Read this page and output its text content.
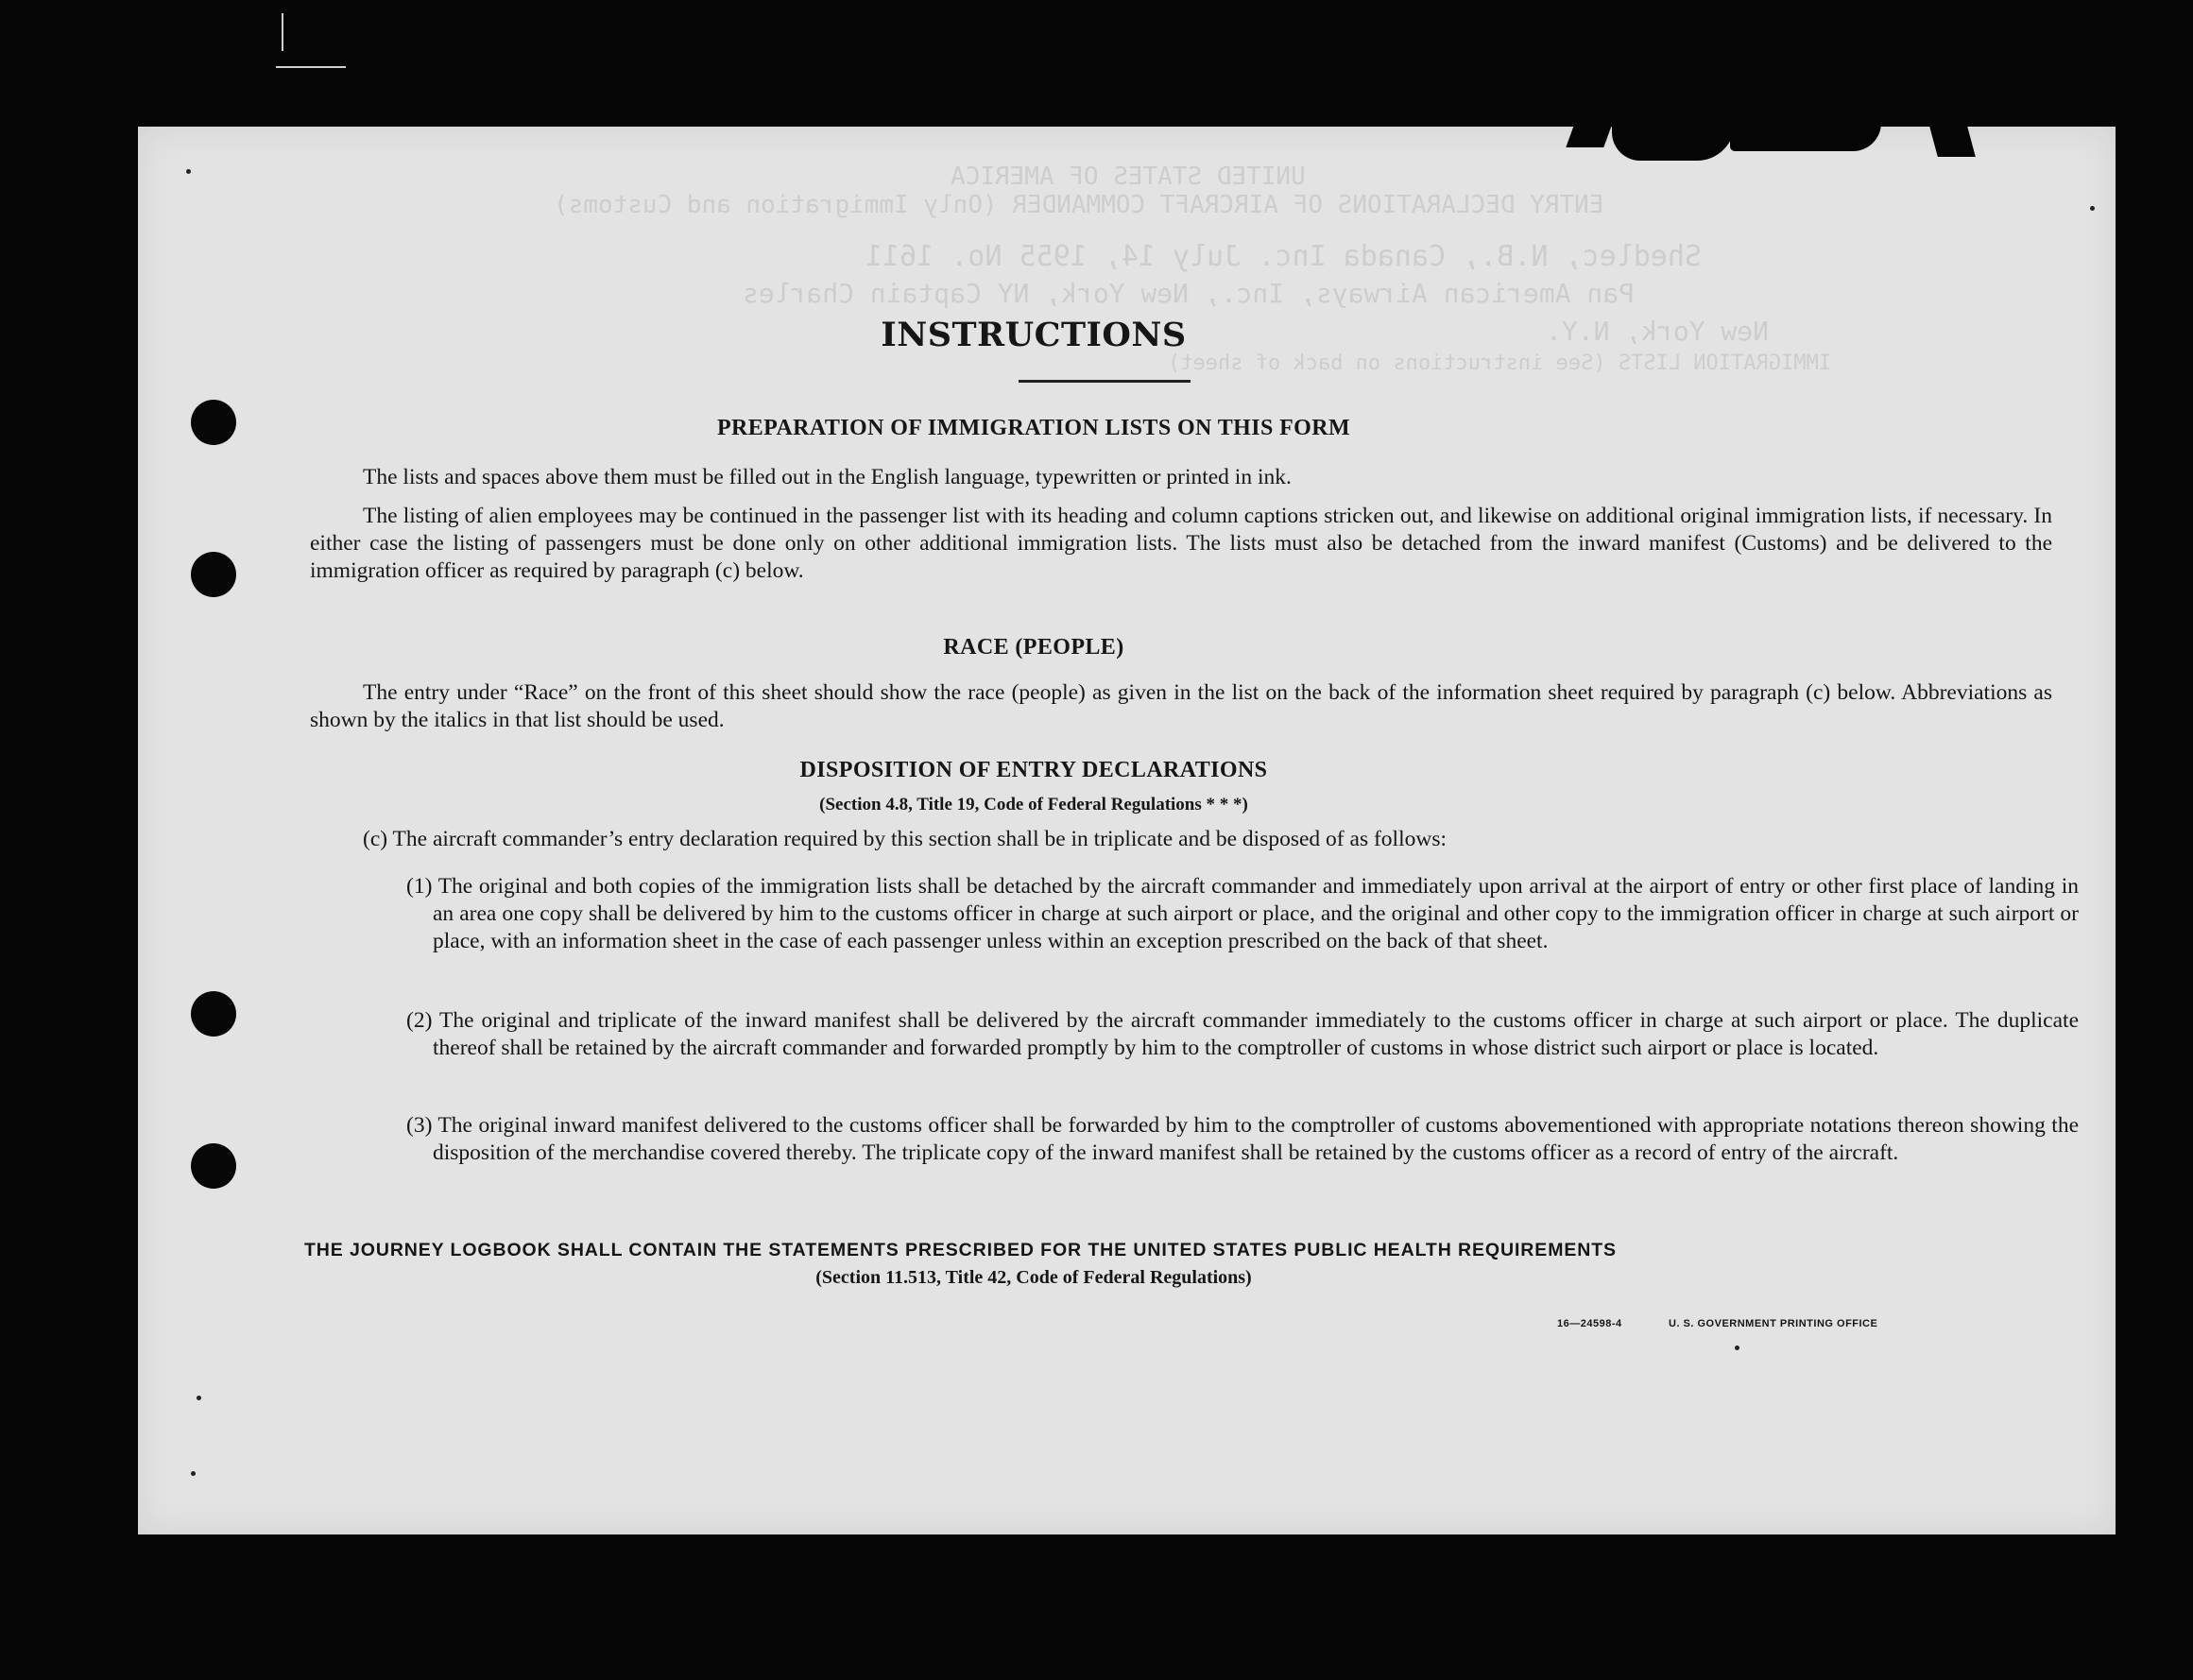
UNITED STATES OF AMERICA
ENTRY DECLARATIONS OF AIRCRAFT COMMANDER (Only Immigration and Customs)
Shedlec, N.B., Canada Inc. July 14, 1955 No. 1611
Pan American Airways, Inc., New York, NY Captain Charles
New York, N.Y.
IMMIGRATION LISTS (See instructions on back of sheet)
INSTRUCTIONS
PREPARATION OF IMMIGRATION LISTS ON THIS FORM
The lists and spaces above them must be filled out in the English language, typewritten or printed in ink.
The listing of alien employees may be continued in the passenger list with its heading and column captions stricken out, and likewise on additional original immigration lists, if necessary. In either case the listing of passengers must be done only on other additional immigration lists. The lists must also be detached from the inward manifest (Customs) and be delivered to the immigration officer as required by paragraph (c) below.
RACE (PEOPLE)
The entry under “Race” on the front of this sheet should show the race (people) as given in the list on the back of the information sheet required by paragraph (c) below. Abbreviations as shown by the italics in that list should be used.
DISPOSITION OF ENTRY DECLARATIONS
(Section 4.8, Title 19, Code of Federal Regulations * * *)
(c) The aircraft commander’s entry declaration required by this section shall be in triplicate and be disposed of as follows:
(1) The original and both copies of the immigration lists shall be detached by the aircraft commander and immediately upon arrival at the airport of entry or other first place of landing in an area one copy shall be delivered by him to the customs officer in charge at such airport or place, and the original and other copy to the immigration officer in charge at such airport or place, with an information sheet in the case of each passenger unless within an exception prescribed on the back of that sheet.
(2) The original and triplicate of the inward manifest shall be delivered by the aircraft commander immediately to the customs officer in charge at such airport or place. The duplicate thereof shall be retained by the aircraft commander and forwarded promptly by him to the comptroller of customs in whose district such airport or place is located.
(3) The original inward manifest delivered to the customs officer shall be forwarded by him to the comptroller of customs abovementioned with appropriate notations thereon showing the disposition of the merchandise covered thereby. The triplicate copy of the inward manifest shall be retained by the customs officer as a record of entry of the aircraft.
THE JOURNEY LOGBOOK SHALL CONTAIN THE STATEMENTS PRESCRIBED FOR THE UNITED STATES PUBLIC HEALTH REQUIREMENTS
(Section 11.513, Title 42, Code of Federal Regulations)
16—24598-4	U. S. GOVERNMENT PRINTING OFFICE
